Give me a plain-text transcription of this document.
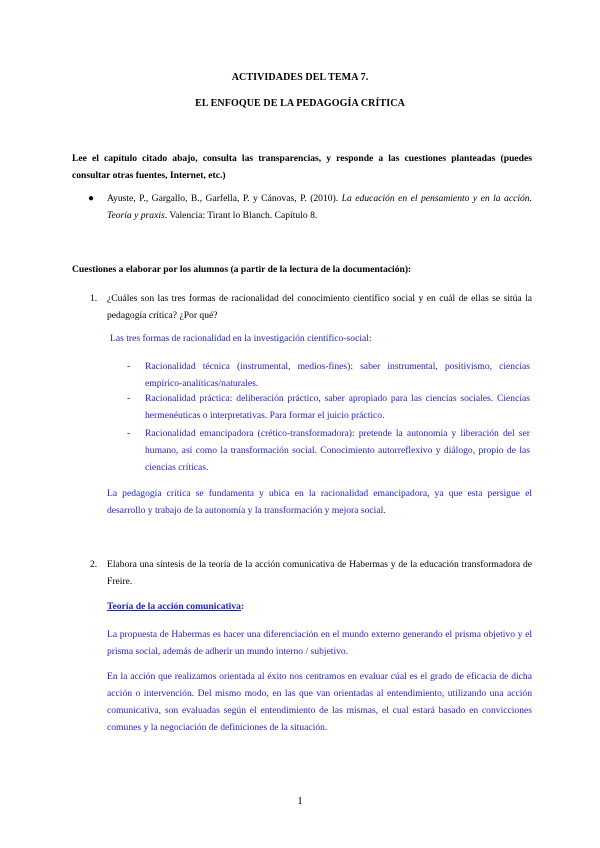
ACTIVIDADES DEL TEMA 7.
EL ENFOQUE DE LA PEDAGOGÍA CRÍTICA
Lee el capítulo citado abajo, consulta las transparencias, y responde a las cuestiones planteadas (puedes consultar otras fuentes, Internet, etc.)
● Ayuste, P., Gargallo, B., Garfella, P. y Cánovas, P. (2010). La educación en el pensamiento y en la acción. Teoría y praxis. Valencia: Tirant lo Blanch. Capítulo 8.
Cuestiones a elaborar por los alumnos (a partir de la lectura de la documentación):
1. ¿Cuáles son las tres formas de racionalidad del conocimiento científico social y en cuál de ellas se sitúa la pedagogía crítica? ¿Por qué?
Las tres formas de racionalidad en la investigación científico-social:
- Racionalidad técnica (instrumental, medios-fines): saber instrumental, positivismo, ciencias empírico-analíticas/naturales.
- Racionalidad práctica: deliberación práctico, saber apropiado para las ciencias sociales. Ciencias hermenéuticas o interpretativas. Para formar el juicio práctico.
- Racionalidad emancipadora (crético-transformadora): pretende la autonomía y liberación del ser humano, así como la transformación social. Conocimiento autorreflexivo y diálogo, propio de las ciencias críticas.
La pedagogía crítica se fundamenta y ubica en la racionalidad emancipadora, ya que esta persigue el desarrollo y trabajo de la autonomía y la transformación y mejora social.
2. Elabora una síntesis de la teoría de la acción comunicativa de Habermas y de la educación transformadora de Freire.
Teoría de la acción comunicativa:
La propuesta de Habermas es hacer una diferenciación en el mundo externo generando el prisma objetivo y el prisma social, además de adherir un mundo interno / subjetivo.
En la acción que realizamos orientada al éxito nos centramos en evaluar cúal es el grado de eficacia de dicha acción o intervención. Del mismo modo, en las que van orientadas al entendimiento, utilizando una acción comunicativa, son evaluadas según el entendimiento de las mismas, el cual estará basado en convicciones comunes y la negociación de definiciones de la situación.
1
